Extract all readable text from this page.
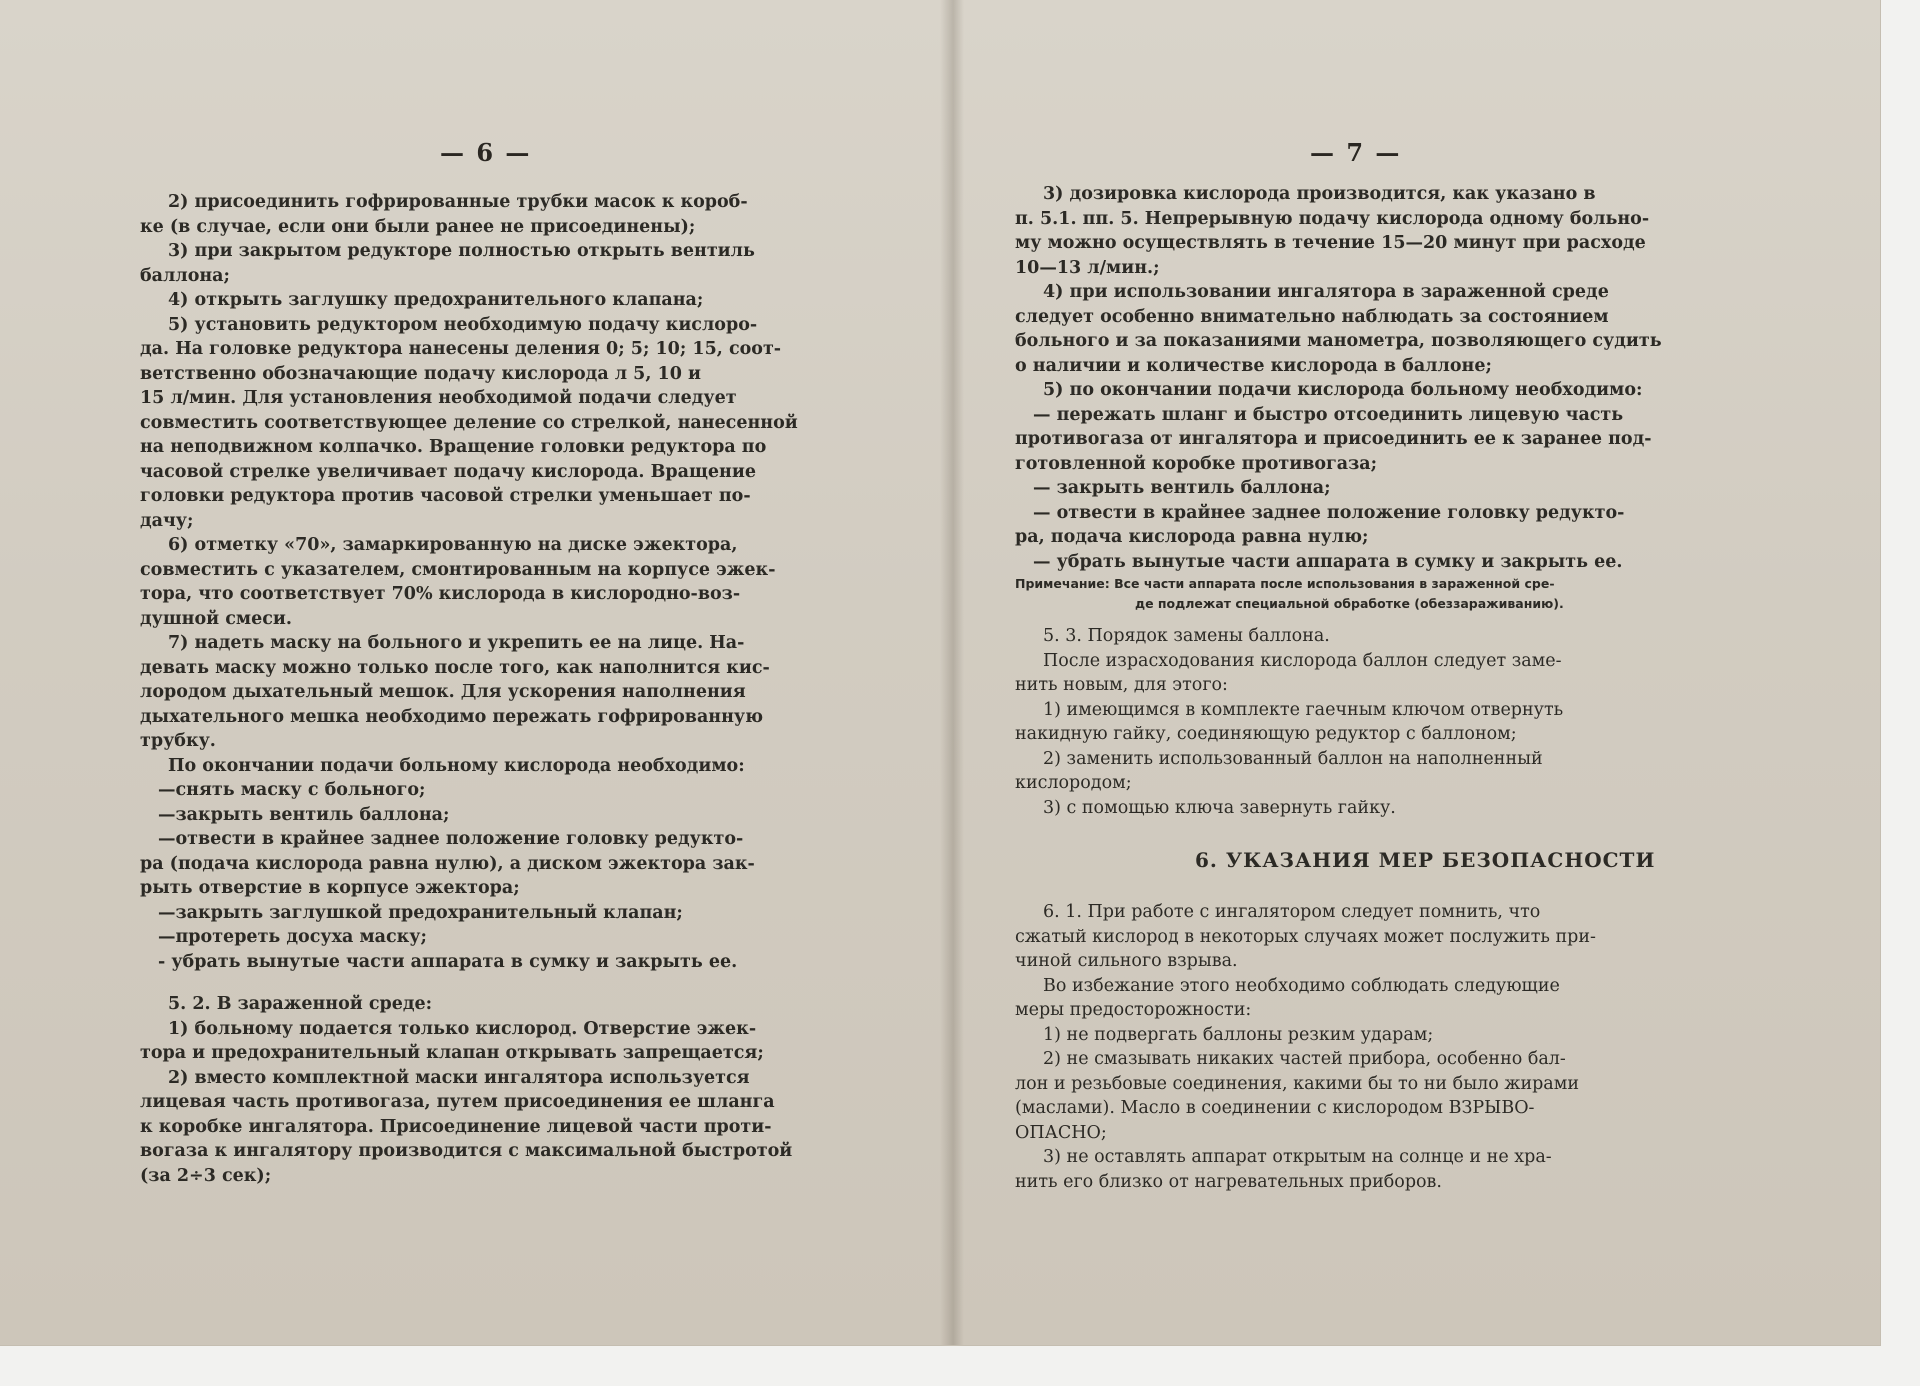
— 6 —
2) присоединить гофрированные трубки масок к короб-
ке (в случае, если они были ранее не присоединены);
3) при закрытом редукторе полностью открыть вентиль
баллона;
4) открыть заглушку предохранительного клапана;
5) установить редуктором необходимую подачу кислоро-
да. На головке редуктора нанесены деления 0; 5; 10; 15, соот-
ветственно обозначающие подачу кислорода л 5, 10 и
15 л/мин. Для установления необходимой подачи следует
совместить соответствующее деление со стрелкой, нанесенной
на неподвижном колпачко. Вращение головки редуктора по
часовой стрелке увеличивает подачу кислорода. Вращение
головки редуктора против часовой стрелки уменьшает по-
дачу;
6) отметку «70», замаркированную на диске эжектора,
совместить с указателем, смонтированным на корпусе эжек-
тора, что соответствует 70% кислорода в кислородно-воз-
душной смеси.
7) надеть маску на больного и укрепить ее на лице. На-
девать маску можно только после того, как наполнится кис-
лородом дыхательный мешок. Для ускорения наполнения
дыхательного мешка необходимо пережать гофрированную
трубку.
По окончании подачи больному кислорода необходимо:
—снять маску с больного;
—закрыть вентиль баллона;
—отвести в крайнее заднее положение головку редукто-
ра (подача кислорода равна нулю), а диском эжектора зак-
рыть отверстие в корпусе эжектора;
—закрыть заглушкой предохранительный клапан;
—протереть досуха маску;
- убрать вынутые части аппарата в сумку и закрыть ее.
5. 2. В зараженной среде:
1) больному подается только кислород. Отверстие эжек-
тора и предохранительный клапан открывать запрещается;
2) вместо комплектной маски ингалятора используется
лицевая часть противогаза, путем присоединения ее шланга
к коробке ингалятора. Присоединение лицевой части проти-
вогаза к ингалятору производится с максимальной быстротой
(за 2÷3 сек);
— 7 —
3) дозировка кислорода производится, как указано в
п. 5.1. пп. 5. Непрерывную подачу кислорода одному больно-
му можно осуществлять в течение 15—20 минут при расходе
10—13 л/мин.;
4) при использовании ингалятора в зараженной среде
следует особенно внимательно наблюдать за состоянием
больного и за показаниями манометра, позволяющего судить
о наличии и количестве кислорода в баллоне;
5) по окончании подачи кислорода больному необходимо:
— пережать шланг и быстро отсоединить лицевую часть
противогаза от ингалятора и присоединить ее к заранее под-
готовленной коробке противогаза;
— закрыть вентиль баллона;
— отвести в крайнее заднее положение головку редукто-
ра, подача кислорода равна нулю;
— убрать вынутые части аппарата в сумку и закрыть ее.
Примечание: Все части аппарата после использования в зараженной сре-
де подлежат специальной обработке (обеззараживанию).
5. 3. Порядок замены баллона.
После израсходования кислорода баллон следует заме-
нить новым, для этого:
1) имеющимся в комплекте гаечным ключом отвернуть
накидную гайку, соединяющую редуктор с баллоном;
2) заменить использованный баллон на наполненный
кислородом;
3) с помощью ключа завернуть гайку.
6. УКАЗАНИЯ МЕР БЕЗОПАСНОСТИ
6. 1. При работе с ингалятором следует помнить, что
сжатый кислород в некоторых случаях может послужить при-
чиной сильного взрыва.
Во избежание этого необходимо соблюдать следующие
меры предосторожности:
1) не подвергать баллоны резким ударам;
2) не смазывать никаких частей прибора, особенно бал-
лон и резьбовые соединения, какими бы то ни было жирами
(маслами). Масло в соединении с кислородом ВЗРЫВО-
ОПАСНО;
3) не оставлять аппарат открытым на солнце и не хра-
нить его близко от нагревательных приборов.
